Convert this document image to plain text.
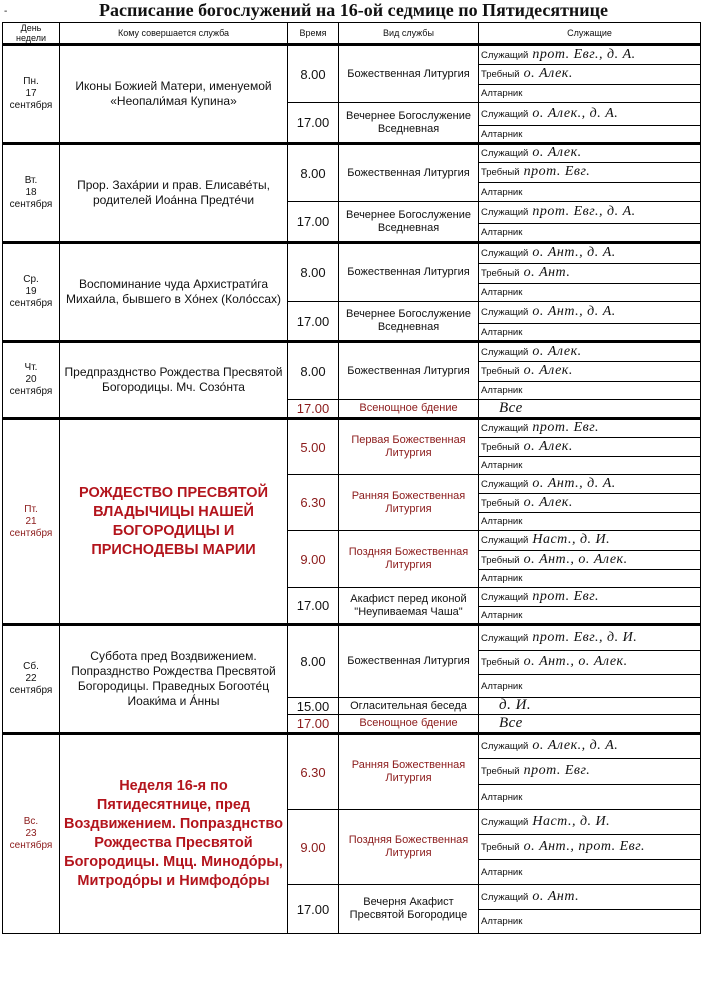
-	Расписание богослужений на 16-ой седмице по Пятидесятнице
День недели	Кому совершается служба	Время	Вид службы	Служащие
Пн.
17
сентября	Иконы Божией Матери, именуемой «Неопали́мая Купина»	8.00	Божественная Литургия	Служащий прот. Евг., д. А.
				Требный о. Алек.
				Алтарник
		17.00	Вечернее Богослужение Вседневная	Служащий о. Алек., д. А.
				Алтарник
Вт.
18
сентября	Прор. Заха́рии и прав. Елисаве́ты, родителей Иоа́нна Предте́чи	8.00	Божественная Литургия	Служащий о. Алек.
				Требный прот. Евг.
				Алтарник
		17.00	Вечернее Богослужение Вседневная	Служащий прот. Евг., д. А.
				Алтарник
Ср.
19
сентября	Воспоминание чуда Архистрати́га Михаи́ла, бывшего в Хо́нех (Коло́ссах)	8.00	Божественная Литургия	Служащий о. Ант., д. А.
				Требный о. Ант.
				Алтарник
		17.00	Вечернее Богослужение Вседневная	Служащий о. Ант., д. А.
				Алтарник
Чт.
20
сентября	Предпразднство Рождества Пресвятой Богородицы. Мч. Созо́нта	8.00	Божественная Литургия	Служащий о. Алек.
				Требный о. Алек.
				Алтарник
		17.00	Всенощное бдение	Все
Пт.
21
сентября	РОЖДЕСТВО ПРЕСВЯТОЙ ВЛАДЫЧИЦЫ НАШЕЙ БОГОРОДИЦЫ И ПРИСНОДЕВЫ МАРИИ	5.00	Первая Божественная Литургия	Служащий прот. Евг.
				Требный о. Алек.
				Алтарник
		6.30	Ранняя Божественная Литургия	Служащий о. Ант., д. А.
				Требный о. Алек.
				Алтарник
		9.00	Поздняя Божественная Литургия	Служащий Наст., д. И.
				Требный о. Ант., о. Алек.
				Алтарник
		17.00	Акафист перед иконой "Неупиваемая Чаша"	Служащий прот. Евг.
				Алтарник
Сб.
22
сентября	Суббота пред Воздвижением. Попразднство Рождества Пресвятой Богородицы. Праведных Богооте́ц Иоаки́ма и А́нны	8.00	Божественная Литургия	Служащий прот. Евг., д. И.
				Требный о. Ант., о. Алек.
				Алтарник
		15.00	Огласительная беседа	д. И.
		17.00	Всенощное бдение	Все
Вс.
23
сентября	Неделя 16-я по Пятидесятнице, пред Воздвижением. Попразднство Рождества Пресвятой Богородицы. Мцц. Минодо́ры, Митродо́ры и Нимфодо́ры	6.30	Ранняя Божественная Литургия	Служащий о. Алек., д. А.
				Требный прот. Евг.
				Алтарник
		9.00	Поздняя Божественная Литургия	Служащий Наст., д. И.
				Требный о. Ант., прот. Евг.
				Алтарник
		17.00	Вечерня Акафист Пресвятой Богородице	Служащий о. Ант.
				Алтарник
